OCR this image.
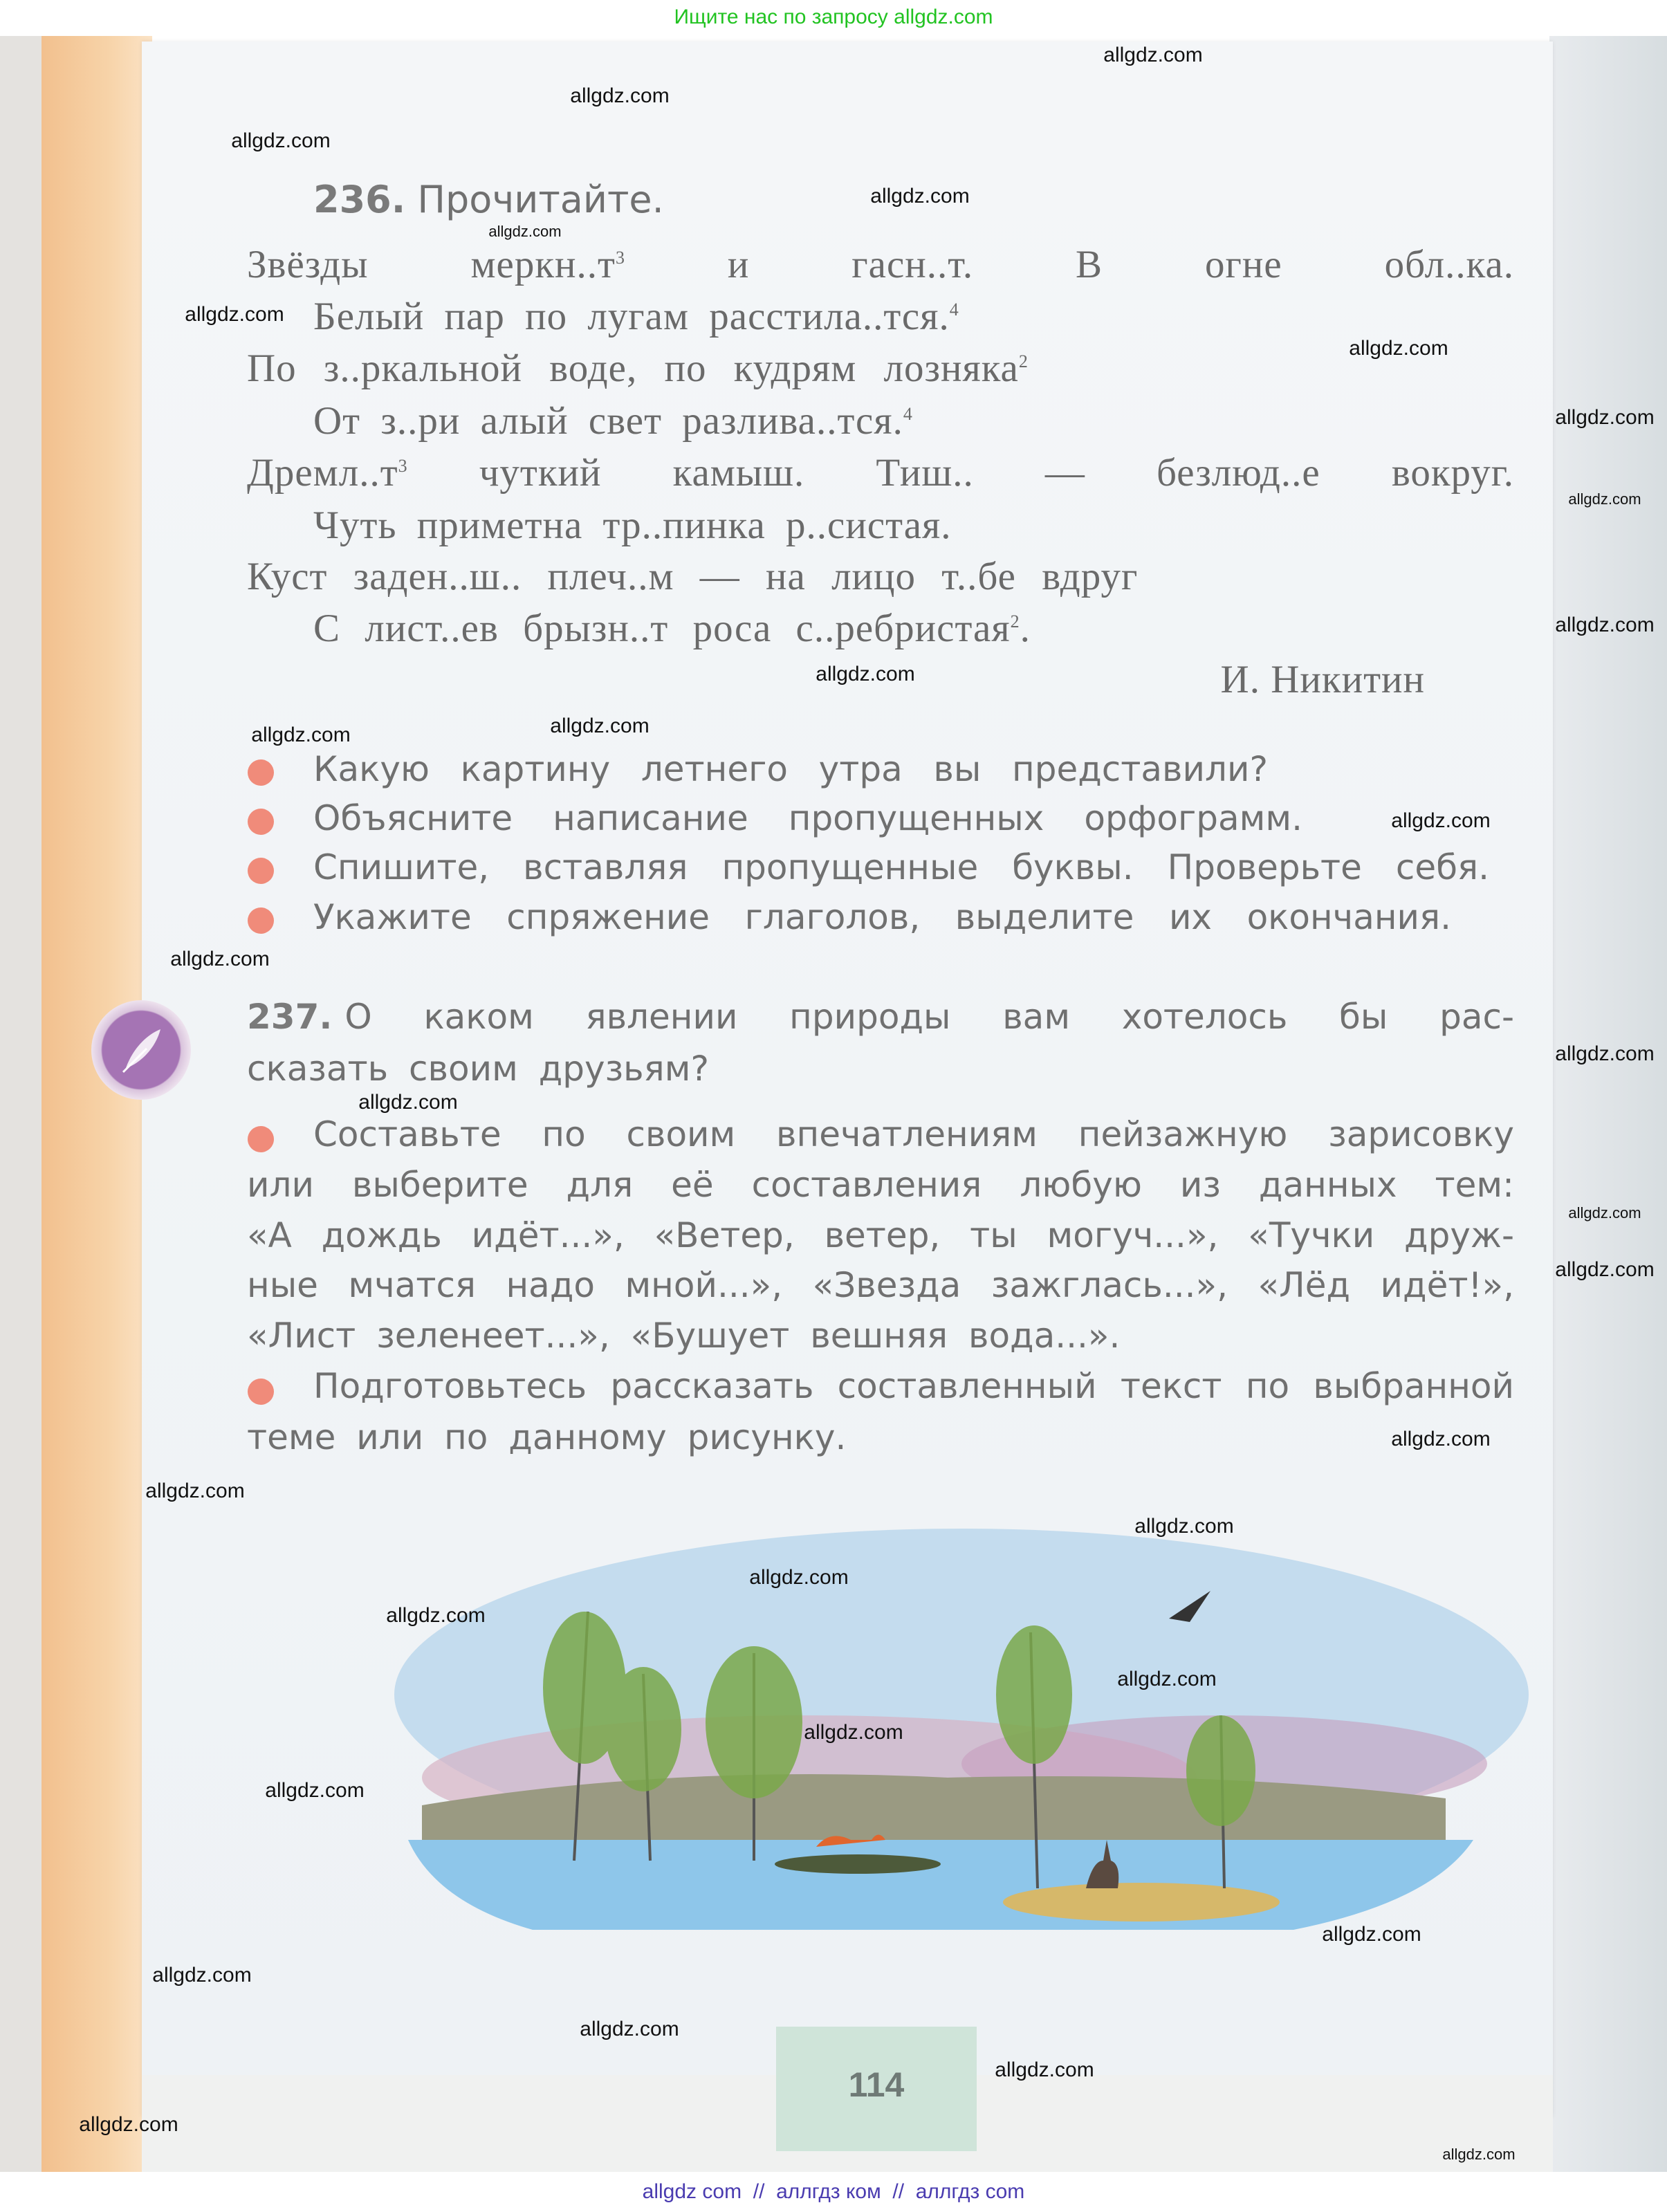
Ищите нас по запросу allgdz.com
114
236. Прочитайте.
Звёзды $меркн..т^3$ и гасн..т. В огне обл..ка.
Белый пар по лугам расстила..тся.$^4$
По з..ркальной воде, по кудрям лозняка$^2$
От з..ри алый свет разлива..тся.$^4$
$Дремл..т^3$ чуткий камыш. Тиш.. — безлюд..е вокруг.
Чуть приметна тр..пинка р..систая.
Куст заден..ш.. плеч..м — на лицо т..бе вдруг
С лист..ев брызн..т роса с..ребристая$^2$.
И. Никитин
Какую картину летнего утра вы представили?
Объясните написание пропущенных орфограмм.
Спишите, вставляя пропущенные буквы. Проверьте себя.
Укажите спряжение глаголов, выделите их окончания.
237. О каком явлении природы вам хотелось бы рас-
сказать своим друзьям?
Составьте по своим впечатлениям пейзажную зарисовку
или выберите для её составления любую из данных тем:
«А дождь идёт...», «Ветер, ветер, ты могуч...», «Тучки друж-
ные мчатся надо мной...», «Звезда зажглась...», «Лёд идёт!»,
«Лист зеленеет...», «Бушует вешняя вода...».
Подготовьтесь рассказать составленный текст по выбранной
теме или по данному рисунку.
allgdz.com
allgdz.com
allgdz.com
allgdz.com
allgdz.com
allgdz.com
allgdz.com
allgdz.com
allgdz.com
allgdz.com
allgdz.com
allgdz.com
allgdz.com
allgdz.com
allgdz.com
allgdz.com
allgdz.com
allgdz.com
allgdz.com
allgdz.com
allgdz.com
allgdz.com
allgdz.com
allgdz.com
allgdz.com
allgdz.com
allgdz.com
allgdz.com
allgdz.com
allgdz.com
allgdz.com
allgdz.com
allgdz.com
allgdz com  //  аллгдз ком  //  аллгдз com
